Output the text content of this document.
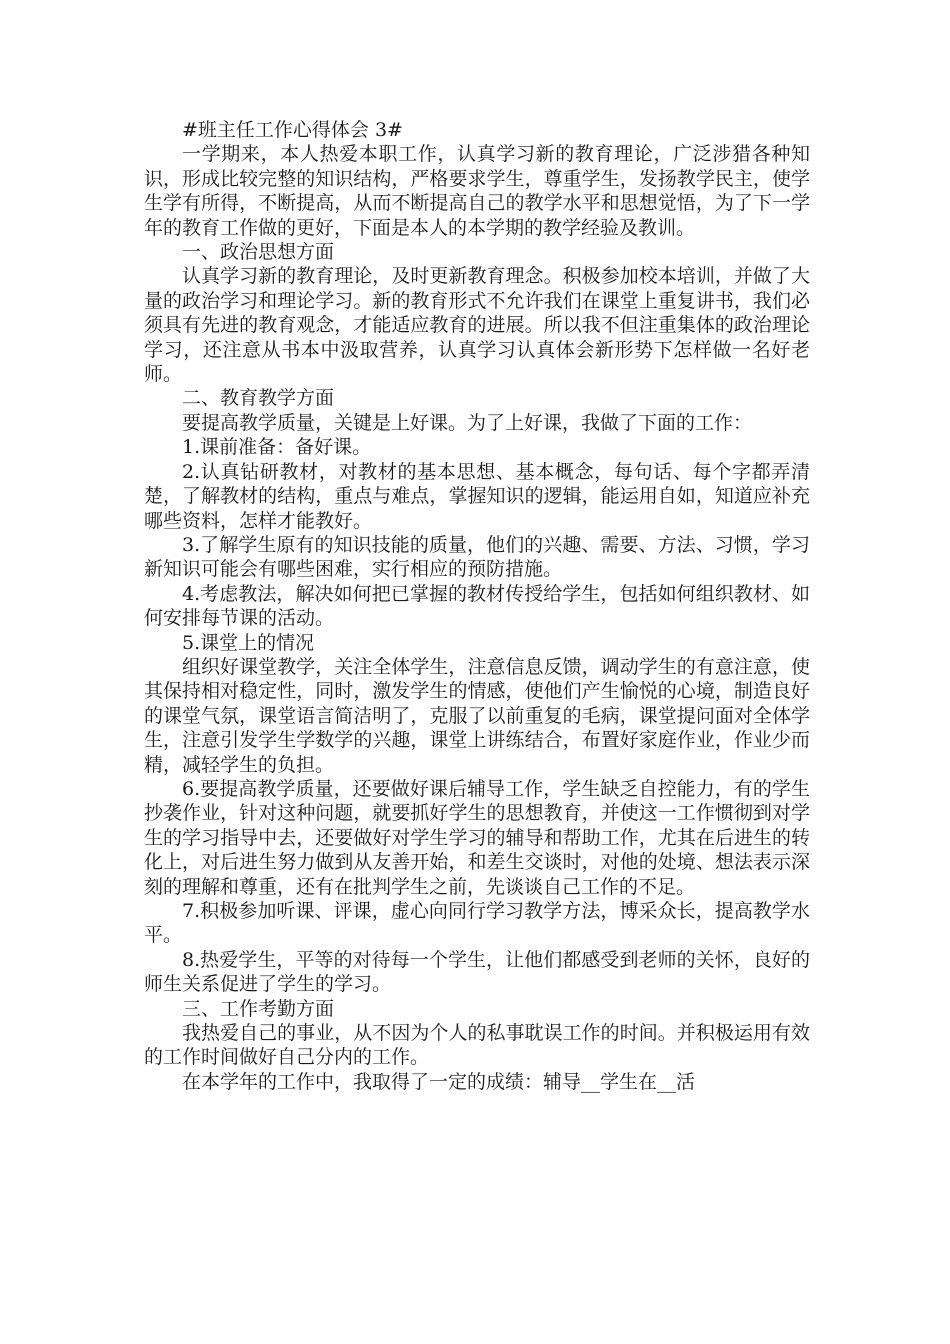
#班主任工作心得体会 3#

一学期来，本人热爱本职工作，认真学习新的教育理论，广泛涉猎各种知识，形成比较完整的知识结构，严格要求学生，尊重学生，发扬教学民主，使学生学有所得，不断提高，从而不断提高自己的教学水平和思想觉悟，为了下一学年的教育工作做的更好，下面是本人的本学期的教学经验及教训。

一、政治思想方面

认真学习新的教育理论，及时更新教育理念。积极参加校本培训，并做了大量的政治学习和理论学习。新的教育形式不允许我们在课堂上重复讲书，我们必须具有先进的教育观念，才能适应教育的进展。所以我不但注重集体的政治理论学习，还注意从书本中汲取营养，认真学习认真体会新形势下怎样做一名好老师。

二、教育教学方面

要提高教学质量，关键是上好课。为了上好课，我做了下面的工作：

1.课前准备：备好课。

2.认真钻研教材，对教材的基本思想、基本概念，每句话、每个字都弄清楚，了解教材的结构，重点与难点，掌握知识的逻辑，能运用自如，知道应补充哪些资料，怎样才能教好。

3.了解学生原有的知识技能的质量，他们的兴趣、需要、方法、习惯，学习新知识可能会有哪些困难，实行相应的预防措施。

4.考虑教法，解决如何把已掌握的教材传授给学生，包括如何组织教材、如何安排每节课的活动。

5.课堂上的情况

组织好课堂教学，关注全体学生，注意信息反馈，调动学生的有意注意，使其保持相对稳定性，同时，激发学生的情感，使他们产生愉悦的心境，制造良好的课堂气氛，课堂语言简洁明了，克服了以前重复的毛病，课堂提问面对全体学生，注意引发学生学数学的兴趣，课堂上讲练结合，布置好家庭作业，作业少而精，减轻学生的负担。

6.要提高教学质量，还要做好课后辅导工作，学生缺乏自控能力，有的学生抄袭作业，针对这种问题，就要抓好学生的思想教育，并使这一工作惯彻到对学生的学习指导中去，还要做好对学生学习的辅导和帮助工作，尤其在后进生的转化上，对后进生努力做到从友善开始，和差生交谈时，对他的处境、想法表示深刻的理解和尊重，还有在批判学生之前，先谈谈自己工作的不足。

7.积极参加听课、评课，虚心向同行学习教学方法，博采众长，提高教学水平。

8.热爱学生，平等的对待每一个学生，让他们都感受到老师的关怀，良好的师生关系促进了学生的学习。

三、工作考勤方面

我热爱自己的事业，从不因为个人的私事耽误工作的时间。并积极运用有效的工作时间做好自己分内的工作。

在本学年的工作中，我取得了一定的成绩：辅导__学生在__活
